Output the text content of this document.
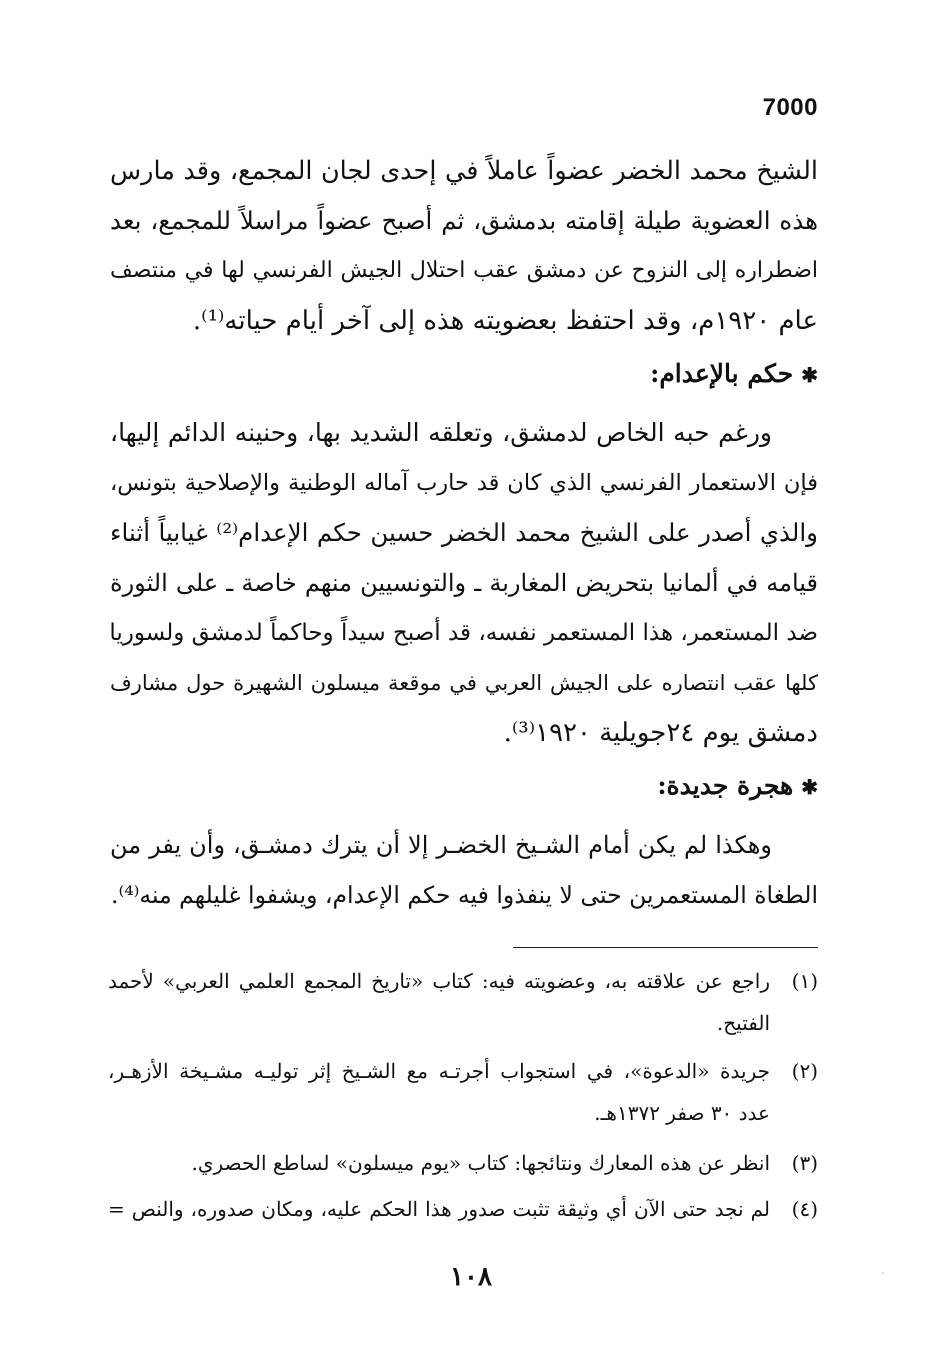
7000
الشيخ محمد الخضر عضواً عاملاً في إحدى لجان المجمع، وقد مارس
هذه العضوية طيلة إقامته بدمشق، ثم أصبح عضواً مراسلاً للمجمع، بعد
اضطراره إلى النزوح عن دمشق عقب احتلال الجيش الفرنسي لها في منتصف
عام ١٩٢٠م، وقد احتفظ بعضويته هذه إلى آخر أيام حياته⁽¹⁾.
✱حكم بالإعدام:
ورغم حبه الخاص لدمشق، وتعلقه الشديد بها، وحنينه الدائم إليها،
فإن الاستعمار الفرنسي الذي كان قد حارب آماله الوطنية والإصلاحية بتونس،
والذي أصدر على الشيخ محمد الخضر حسين حكم الإعدام⁽²⁾ غيابياً أثناء
قيامه في ألمانيا بتحريض المغاربة ـ والتونسيين منهم خاصة ـ على الثورة
ضد المستعمر، هذا المستعمر نفسه، قد أصبح سيداً وحاكماً لدمشق ولسوريا
كلها عقب انتصاره على الجيش العربي في موقعة ميسلون الشهيرة حول مشارف
دمشق يوم ٢٤جويلية ١٩٢٠⁽³⁾.
✱هجرة جديدة:
وهكذا لم يكن أمام الشـيخ الخضـر إلا أن يترك دمشـق، وأن يفر من
الطغاة المستعمرين حتى لا ينفذوا فيه حكم الإعدام، ويشفوا غليلهم منه⁽⁴⁾.
(١)
راجع عن علاقته به، وعضويته فيه: كتاب «تاريخ المجمع العلمي العربي» لأحمد
الفتيح.
(٢)
جريدة «الدعوة»، في استجواب أجرتـه مع الشـيخ إثر توليـه مشـيخة الأزهـر،
عدد ٣٠ صفر ١٣٧٢هـ.
(٣)
انظر عن هذه المعارك ونتائجها: كتاب «يوم ميسلون» لساطع الحصري.
(٤)
لم نجد حتى الآن أي وثيقة تثبت صدور هذا الحكم عليه، ومكان صدوره، والنص =
١٠٨
